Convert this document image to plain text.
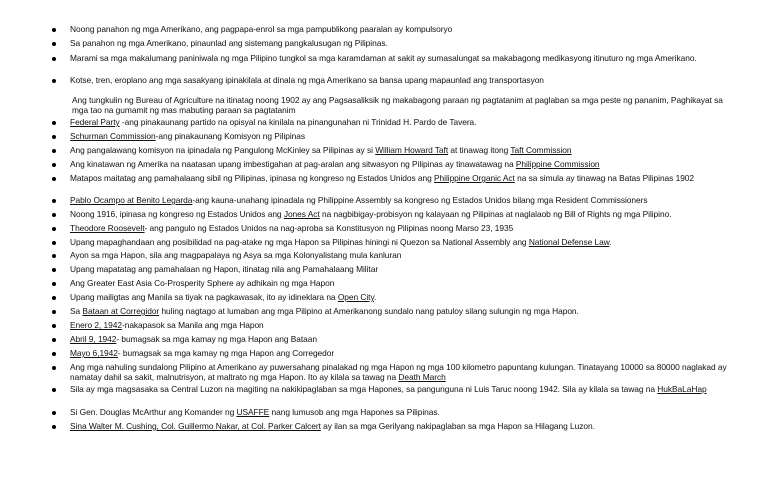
Noong panahon ng mga Amerikano, ang pagpapa-enrol sa mga pampublikong paaralan ay kompulsoryo
Sa panahon ng mga Amerikano, pinaunlad ang sistemang pangkalusugan ng Pilipinas.
Marami sa mga makalumang paniniwala ng mga Pilipino tungkol sa mga karamdaman at sakit ay sumasalungat sa makabagong medikasyong itinuturo ng mga Amerikano.
Kotse, tren, eroplano ang mga sasakyang ipinakilala at dinala ng mga Amerikano sa bansa upang mapaunlad ang transportasyon
Ang tungkulin ng Bureau of Agriculture na itinatag noong 1902 ay ang Pagsasaliksik ng makabagong paraan ng pagtatanim at paglaban sa mga peste ng pananim, Paghikayat sa mga tao na gumamit ng mas mabuting paraan sa pagtatanim
Federal Party -ang pinakaunang partido na opisyal na kinilala na pinangunahan ni Trinidad H. Pardo de Tavera.
Schurman Commission-ang pinakaunang Komisyon ng Pilipinas
Ang pangalawang komisyon na ipinadala ng Pangulong McKinley sa Pilipinas ay si William Howard Taft at tinawag itong Taft Commission
Ang kinatawan ng Amerika na naatasan upang imbestigahan at pag-aralan ang sitwasyon ng Pilipinas ay tinawatawag na Philippine Commission
Matapos maitatag ang pamahalaang sibil ng Pilipinas, ipinasa ng kongreso ng Estados Unidos ang Philippine Organic Act na sa simula ay tinawag na Batas Pilipinas 1902
Pablo Ocampo at Benito Legarda-ang kauna-unahang ipinadala ng Philippine Assembly sa kongreso ng Estados Unidos bilang mga Resident Commissioners
Noong 1916, ipinasa ng kongreso ng Estados Unidos ang Jones Act na nagbibigay-probisyon ng kalayaan ng Pilipinas at naglalaob ng Bill of Rights ng mga Pilipino.
Theodore Roosevelt- ang pangulo ng Estados Unidos na nag-aproba sa Konstitusyon ng Pilipinas noong Marso 23, 1935
Upang mapaghandaan ang posibilidad na pag-atake ng mga Hapon sa Pilipinas hiningi ni Quezon sa National Assembly ang National Defense Law.
Ayon sa mga Hapon, sila ang magpapalaya ng Asya sa mga Kolonyalistang mula kanluran
Upang mapatatag ang pamahalaan ng Hapon, itinatag nila ang Pamahalaang Militar
Ang Greater East Asia Co-Prosperity Sphere ay adhikain ng mga Hapon
Upang mailigtas ang Manila sa tiyak na pagkawasak, ito ay idineklara na Open City.
Sa Bataan at Corregidor huling nagtago at lumaban ang mga Pilipino at Amerikanong sundalo nang patuloy silang sulungin ng mga Hapon.
Enero 2, 1942-nakapasok sa Manila ang mga Hapon
Abril 9, 1942- bumagsak sa mga kamay ng mga Hapon ang Bataan
Mayo 6,1942- bumagsak sa mga kamay ng mga Hapon ang Corregedor
Ang mga nahuling sundalong Pilipino at Amerikano ay puwersahang pinalakad ng mga Hapon ng mga 100 kilometro papuntang kulungan. Tinatayang 10000 sa 80000 naglakad ay namatay dahil sa sakit, malnutrisyon, at maltrato ng mga Hapon. Ito ay kilala sa tawag na Death March
Sila ay mga magsasaka sa Central Luzon na magiting na nakikipaglaban sa mga Hapones, sa pangunguna ni Luis Taruc noong 1942. Sila ay kilala sa tawag na HukBaLaHap
Si Gen. Douglas McArthur ang Komander ng USAFFE nang lumusob ang mga Hapones sa Pilipinas.
Sina Walter M. Cushing, Col. Guillermo Nakar, at Col. Parker Calcert ay ilan sa mga Gerilyang nakipaglaban sa mga Hapon sa Hilagang Luzon.
